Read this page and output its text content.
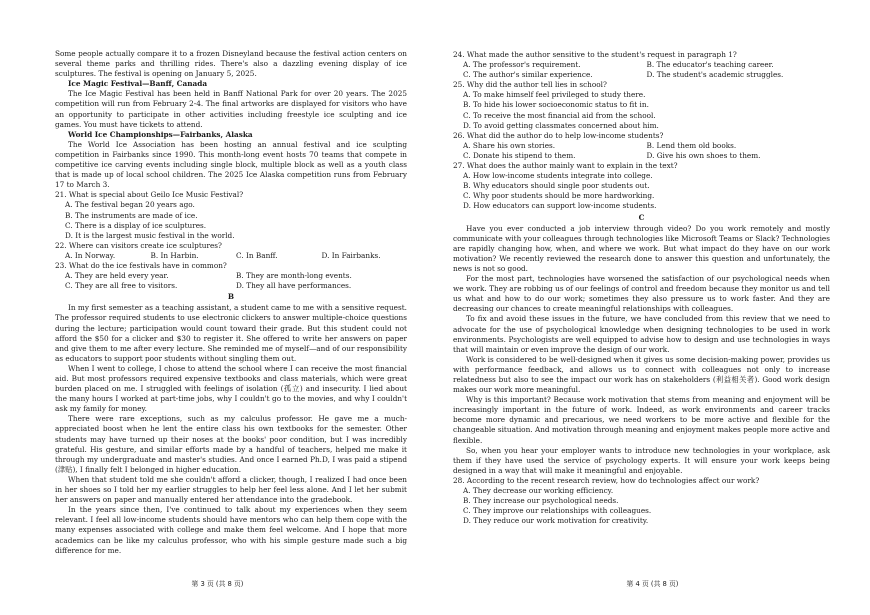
Some people actually compare it to a frozen Disneyland because the festival action centers on several theme parks and thrilling rides. There's also a dazzling evening display of ice sculptures. The festival is opening on January 5, 2025.

Ice Magic Festival—Banff, Canada

The Ice Magic Festival has been held in Banff National Park for over 20 years. The 2025 competition will run from February 2-4. The final artworks are displayed for visitors who have an opportunity to participate in other activities including freestyle ice sculpting and ice games. You must have tickets to attend.

World Ice Championships—Fairbanks, Alaska

The World Ice Association has been hosting an annual festival and ice sculpting competition in Fairbanks since 1990. This month-long event hosts 70 teams that compete in competitive ice carving events including single block, multiple block as well as a youth class that is made up of local school children. The 2025 Ice Alaska competition runs from February 17 to March 3.

21. What is special about Geilo Ice Music Festival?

A. The festival began 20 years ago.

B. The instruments are made of ice.

C. There is a display of ice sculptures.

D. It is the largest music festival in the world.

22. Where can visitors create ice sculptures?

A. In Norway.	B. In Harbin.	C. In Banff.	D. In Fairbanks.

23. What do the ice festivals have in common?

A. They are held every year.	B. They are month-long events.
C. They are all free to visitors.	D. They all have performances.

B

In my first semester as a teaching assistant, a student came to me with a sensitive request. The professor required students to use electronic clickers to answer multiple-choice questions during the lecture; participation would count toward their grade. But this student could not afford the $50 for a clicker and $30 to register it. She offered to write her answers on paper and give them to me after every lecture. She reminded me of myself—and of our responsibility as educators to support poor students without singling them out.

When I went to college, I chose to attend the school where I can receive the most financial aid. But most professors required expensive textbooks and class materials, which were great burden placed on me. I struggled with feelings of isolation (孤立) and insecurity. I lied about the many hours I worked at part-time jobs, why I couldn't go to the movies, and why I couldn't ask my family for money.

There were rare exceptions, such as my calculus professor. He gave me a much-appreciated boost when he lent the entire class his own textbooks for the semester. Other students may have turned up their noses at the books' poor condition, but I was incredibly grateful. His gesture, and similar efforts made by a handful of teachers, helped me make it through my undergraduate and master's studies. And once I earned Ph.D, I was paid a stipend (津贴), I finally felt I belonged in higher education.

When that student told me she couldn't afford a clicker, though, I realized I had once been in her shoes so I told her my earlier struggles to help her feel less alone. And I let her submit her answers on paper and manually entered her attendance into the gradebook.

In the years since then, I've continued to talk about my experiences when they seem relevant. I feel all low-income students should have mentors who can help them cope with the many expenses associated with college and make them feel welcome. And I hope that more academics can be like my calculus professor, who with his simple gesture made such a big difference for me.

第 3 页 (共 8 页)

24. What made the author sensitive to the student's request in paragraph 1?

A. The professor's requirement.	B. The educator's teaching career.
C. The author's similar experience.	D. The student's academic struggles.

25. Why did the author tell lies in school?

A. To make himself feel privileged to study there.

B. To hide his lower socioeconomic status to fit in.

C. To receive the most financial aid from the school.

D. To avoid getting classmates concerned about him.

26. What did the author do to help low-income students?

A. Share his own stories.	B. Lend them old books.
C. Donate his stipend to them.	D. Give his own shoes to them.

27. What does the author mainly want to explain in the text?

A. How low-income students integrate into college.

B. Why educators should single poor students out.

C. Why poor students should be more hardworking.

D. How educators can support low-income students.

C

Have you ever conducted a job interview through video? Do you work remotely and mostly communicate with your colleagues through technologies like Microsoft Teams or Slack? Technologies are rapidly changing how, when, and where we work. But what impact do they have on our work motivation? We recently reviewed the research done to answer this question and unfortunately, the news is not so good.

For the most part, technologies have worsened the satisfaction of our psychological needs when we work. They are robbing us of our feelings of control and freedom because they monitor us and tell us what and how to do our work; sometimes they also pressure us to work faster. And they are decreasing our chances to create meaningful relationships with colleagues.

To fix and avoid these issues in the future, we have concluded from this review that we need to advocate for the use of psychological knowledge when designing technologies to be used in work environments. Psychologists are well equipped to advise how to design and use technologies in ways that will maintain or even improve the design of our work.

Work is considered to be well-designed when it gives us some decision-making power, provides us with performance feedback, and allows us to connect with colleagues not only to increase relatedness but also to see the impact our work has on stakeholders (利益相关者). Good work design makes our work more meaningful.

Why is this important? Because work motivation that stems from meaning and enjoyment will be increasingly important in the future of work. Indeed, as work environments and career tracks become more dynamic and precarious, we need workers to be more active and flexible for the changeable situation. And motivation through meaning and enjoyment makes people more active and flexible.

So, when you hear your employer wants to introduce new technologies in your workplace, ask them if they have used the service of psychology experts. It will ensure your work keeps being designed in a way that will make it meaningful and enjoyable.

28. According to the recent research review, how do technologies affect our work?

A. They decrease our working efficiency.

B. They increase our psychological needs.

C. They improve our relationships with colleagues.

D. They reduce our work motivation for creativity.

第 4 页 (共 8 页)
